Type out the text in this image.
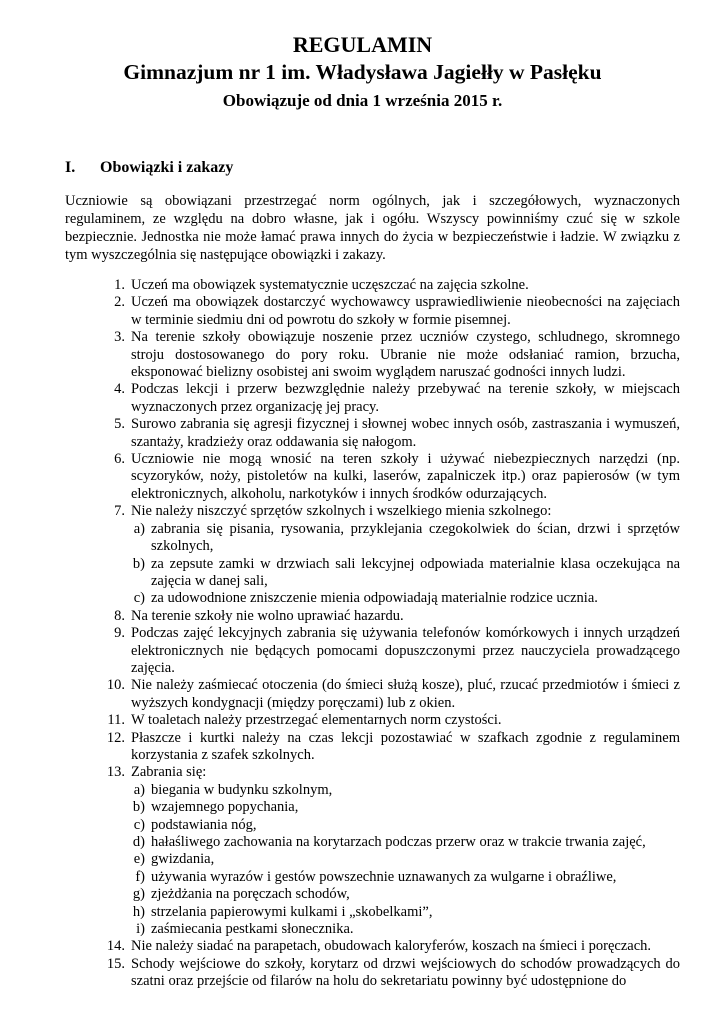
REGULAMIN
Gimnazjum nr 1 im. Władysława Jagiełły w Pasłęku
Obowiązuje od dnia 1 września 2015 r.
I. Obowiązki i zakazy

Uczniowie są obowiązani przestrzegać norm ogólnych, jak i szczegółowych, wyznaczonych regulaminem, ze względu na dobro własne, jak i ogółu. Wszyscy powinniśmy czuć się w szkole bezpiecznie. Jednostka nie może łamać prawa innych do życia w bezpieczeństwie i ładzie. W związku z tym wyszczególnia się następujące obowiązki i zakazy.

1. Uczeń ma obowiązek systematycznie uczęszczać na zajęcia szkolne.
2. Uczeń ma obowiązek dostarczyć wychowawcy usprawiedliwienie nieobecności na zajęciach w terminie siedmiu dni od powrotu do szkoły w formie pisemnej.
3. Na terenie szkoły obowiązuje noszenie przez uczniów czystego, schludnego, skromnego stroju dostosowanego do pory roku. Ubranie nie może odsłaniać ramion, brzucha, eksponować bielizny osobistej ani swoim wyglądem naruszać godności innych ludzi.
4. Podczas lekcji i przerw bezwzględnie należy przebywać na terenie szkoły, w miejscach wyznaczonych przez organizację jej pracy.
5. Surowo zabrania się agresji fizycznej i słownej wobec innych osób, zastraszania i wymuszeń, szantaży, kradzieży oraz oddawania się nałogom.
6. Uczniowie nie mogą wnosić na teren szkoły i używać niebezpiecznych narzędzi (np. scyzoryków, noży, pistoletów na kulki, laserów, zapalniczek itp.) oraz papierosów (w tym elektronicznych, alkoholu, narkotyków i innych środków odurzających.
7. Nie należy niszczyć sprzętów szkolnych i wszelkiego mienia szkolnego:
a) zabrania się pisania, rysowania, przyklejania czegokolwiek do ścian, drzwi i sprzętów szkolnych,
b) za zepsute zamki w drzwiach sali lekcyjnej odpowiada materialnie klasa oczekująca na zajęcia w danej sali,
c) za udowodnione zniszczenie mienia odpowiadają materialnie rodzice ucznia.
8. Na terenie szkoły nie wolno uprawiać hazardu.
9. Podczas zajęć lekcyjnych zabrania się używania telefonów komórkowych i innych urządzeń elektronicznych nie będących pomocami dopuszczonymi przez nauczyciela prowadzącego zajęcia.
10. Nie należy zaśmiecać otoczenia (do śmieci służą kosze), pluć, rzucać przedmiotów i śmieci z wyższych kondygnacji (między poręczami) lub z okien.
11. W toaletach należy przestrzegać elementarnych norm czystości.
12. Płaszcze i kurtki należy na czas lekcji pozostawiać w szafkach zgodnie z regulaminem korzystania z szafek szkolnych.
13. Zabrania się:
a) biegania w budynku szkolnym,
b) wzajemnego popychania,
c) podstawiania nóg,
d) hałaśliwego zachowania na korytarzach podczas przerw oraz w trakcie trwania zajęć,
e) gwizdania,
f) używania wyrazów i gestów powszechnie uznawanych za wulgarne i obraźliwe,
g) zjeżdżania na poręczach schodów,
h) strzelania papierowymi kulkami i „skobelkami”,
i) zaśmiecania pestkami słonecznika.
14. Nie należy siadać na parapetach, obudowach kaloryferów, koszach na śmieci i poręczach.
15. Schody wejściowe do szkoły, korytarz od drzwi wejściowych do schodów prowadzących do szatni oraz przejście od filarów na holu do sekretariatu powinny być udostępnione do
